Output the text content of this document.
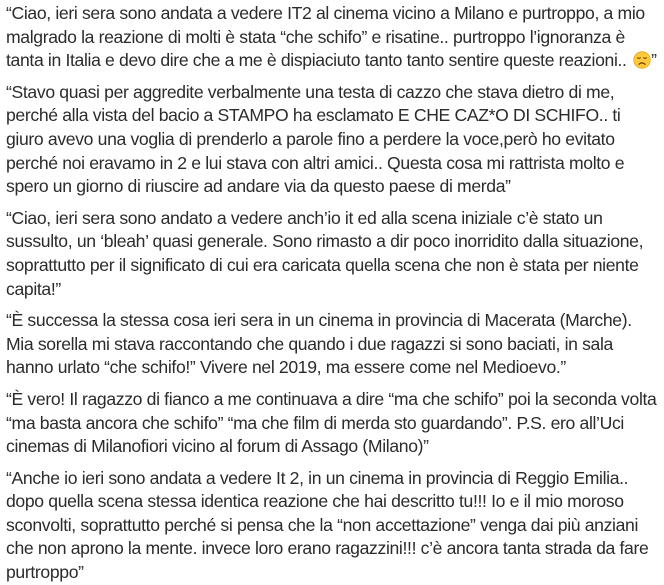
“Ciao, ieri sera sono andata a vedere IT2 al cinema vicino a Milano e purtroppo, a mio malgrado la reazione di molti è stata “che schifo” e risatine.. purtroppo l’ignoranza è tanta in Italia e devo dire che a me è dispiaciuto tanto tanto sentire queste reazioni.. ”

“Stavo quasi per aggredite verbalmente una testa di cazzo che stava dietro di me, perché alla vista del bacio a STAMPO ha esclamato E CHE CAZ*O DI SCHIFO.. ti giuro avevo una voglia di prenderlo a parole fino a perdere la voce,però ho evitato perché noi eravamo in 2 e lui stava con altri amici.. Questa cosa mi rattrista molto e spero un giorno di riuscire ad andare via da questo paese di merda”

“Ciao, ieri sera sono andato a vedere anch’io it ed alla scena iniziale c’è stato un sussulto, un ‘bleah’ quasi generale. Sono rimasto a dir poco inorridito dalla situazione, soprattutto per il significato di cui era caricata quella scena che non è stata per niente capita!”

“È successa la stessa cosa ieri sera in un cinema in provincia di Macerata (Marche). Mia sorella mi stava raccontando che quando i due ragazzi si sono baciati, in sala hanno urlato “che schifo!” Vivere nel 2019, ma essere come nel Medioevo.”

“È vero! Il ragazzo di fianco a me continuava a dire “ma che schifo” poi la seconda volta “ma basta ancora che schifo” “ma che film di merda sto guardando”. P.S. ero all’Uci cinemas di Milanofiori vicino al forum di Assago (Milano)”

“Anche io ieri sono andata a vedere It 2, in un cinema in provincia di Reggio Emilia.. dopo quella scena stessa identica reazione che hai descritto tu!!! Io e il mio moroso sconvolti, soprattutto perché si pensa che la “non accettazione” venga dai più anziani che non aprono la mente. invece loro erano ragazzini!!! c’è ancora tanta strada da fare purtroppo”
